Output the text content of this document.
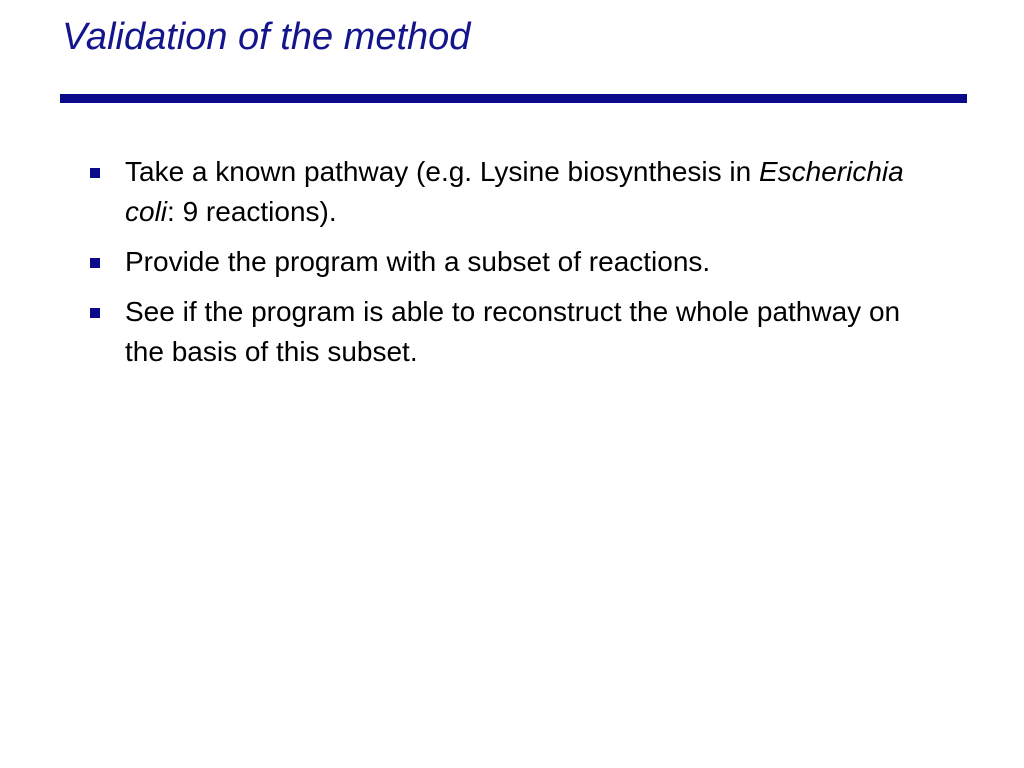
Validation of the method
Take a known pathway (e.g. Lysine biosynthesis in Escherichia coli: 9 reactions).
Provide the program with a subset of reactions.
See if the program is able to reconstruct the whole pathway on the basis of this subset.
